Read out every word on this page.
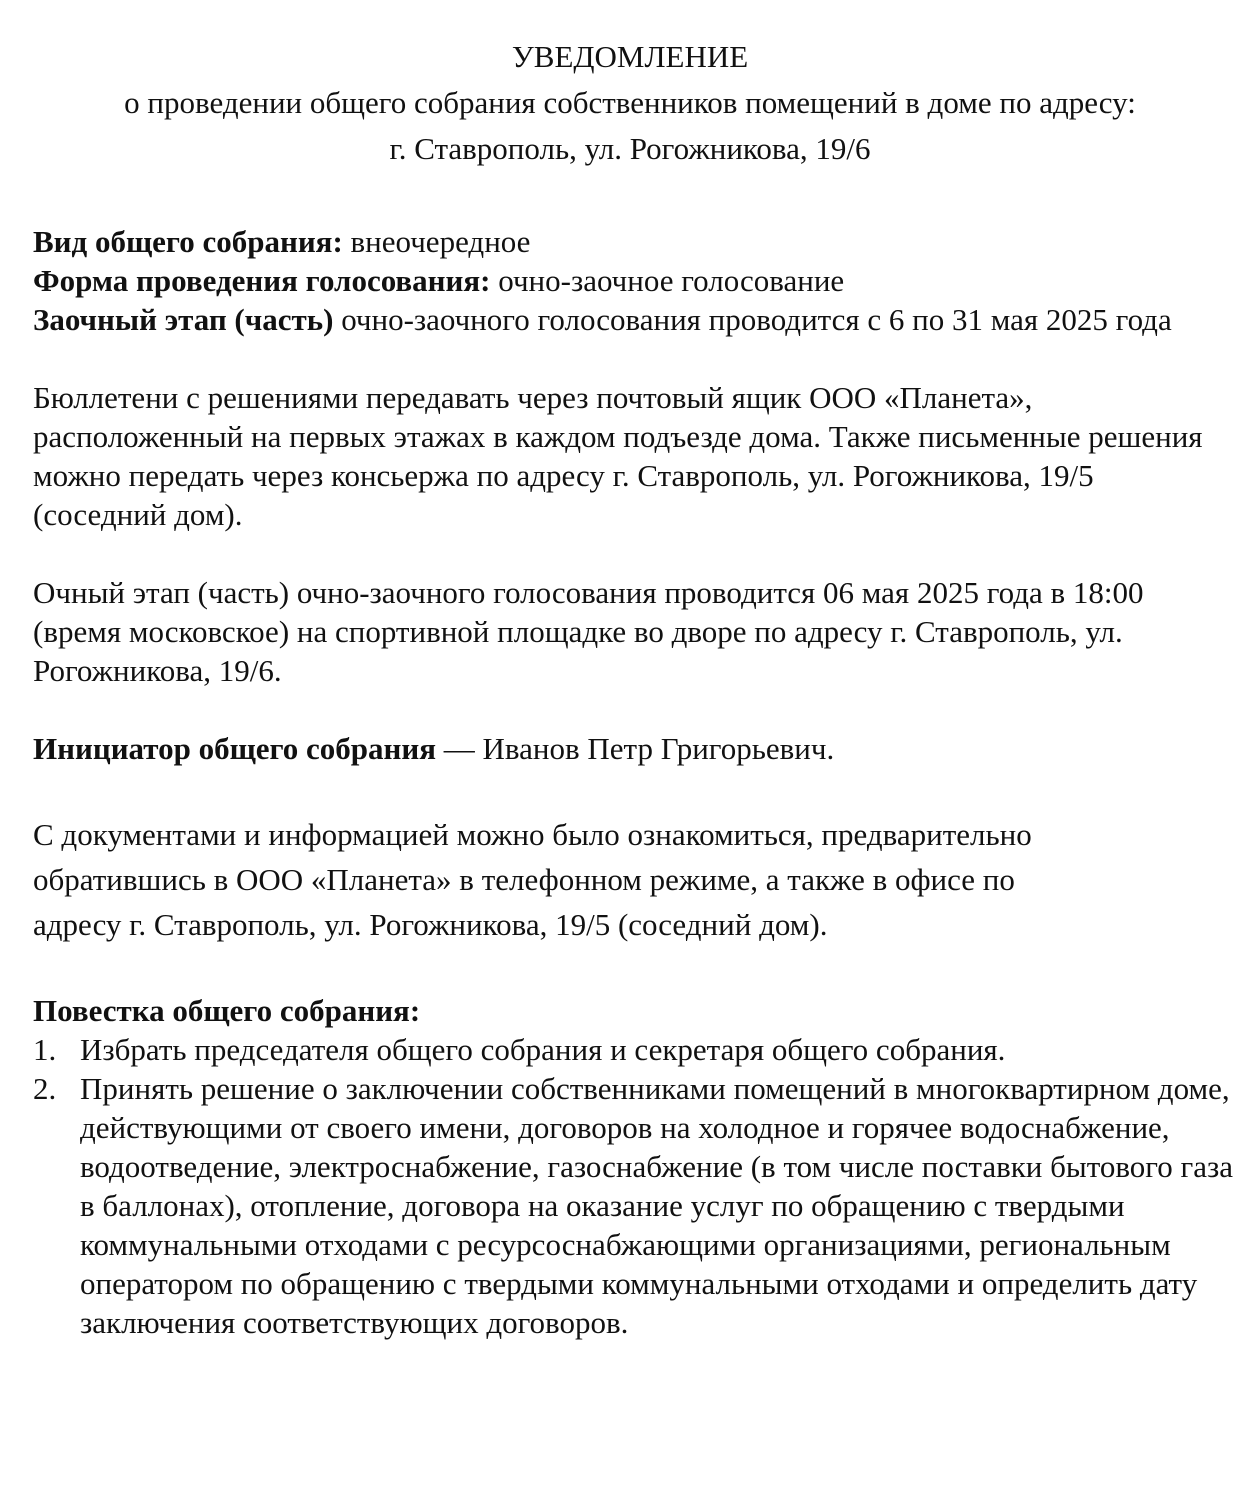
УВЕДОМЛЕНИЕ
о проведении общего собрания собственников помещений в доме по адресу:
г. Ставрополь, ул. Рогожникова, 19/6
Вид общего собрания: внеочередное
Форма проведения голосования: очно-заочное голосование
Заочный этап (часть) очно-заочного голосования проводится с 6 по 31 мая 2025 года
Бюллетени с решениями передавать через почтовый ящик ООО «Планета», расположенный на первых этажах в каждом подъезде дома. Также письменные решения можно передать через консьержа по адресу г. Ставрополь, ул. Рогожникова, 19/5 (соседний дом).
Очный этап (часть) очно-заочного голосования проводится 06 мая 2025 года в 18:00 (время московское) на спортивной площадке во дворе по адресу г. Ставрополь, ул. Рогожникова, 19/6.
Инициатор общего собрания — Иванов Петр Григорьевич.

С документами и информацией можно было ознакомиться, предварительно

обратившись в ООО «Планета» в телефонном режиме, а также в офисе по

адресу г. Ставрополь, ул. Рогожникова, 19/5 (соседний дом).

Повестка общего собрания:
1. Избрать председателя общего собрания и секретаря общего собрания.
2. Принять решение о заключении собственниками помещений в многоквартирном доме, действующими от своего имени, договоров на холодное и горячее водоснабжение, водоотведение, электроснабжение, газоснабжение (в том числе поставки бытового газа в баллонах), отопление, договора на оказание услуг по обращению с твердыми коммунальными отходами с ресурсоснабжающими организациями, региональным оператором по обращению с твердыми коммунальными отходами и определить дату заключения соответствующих договоров.
